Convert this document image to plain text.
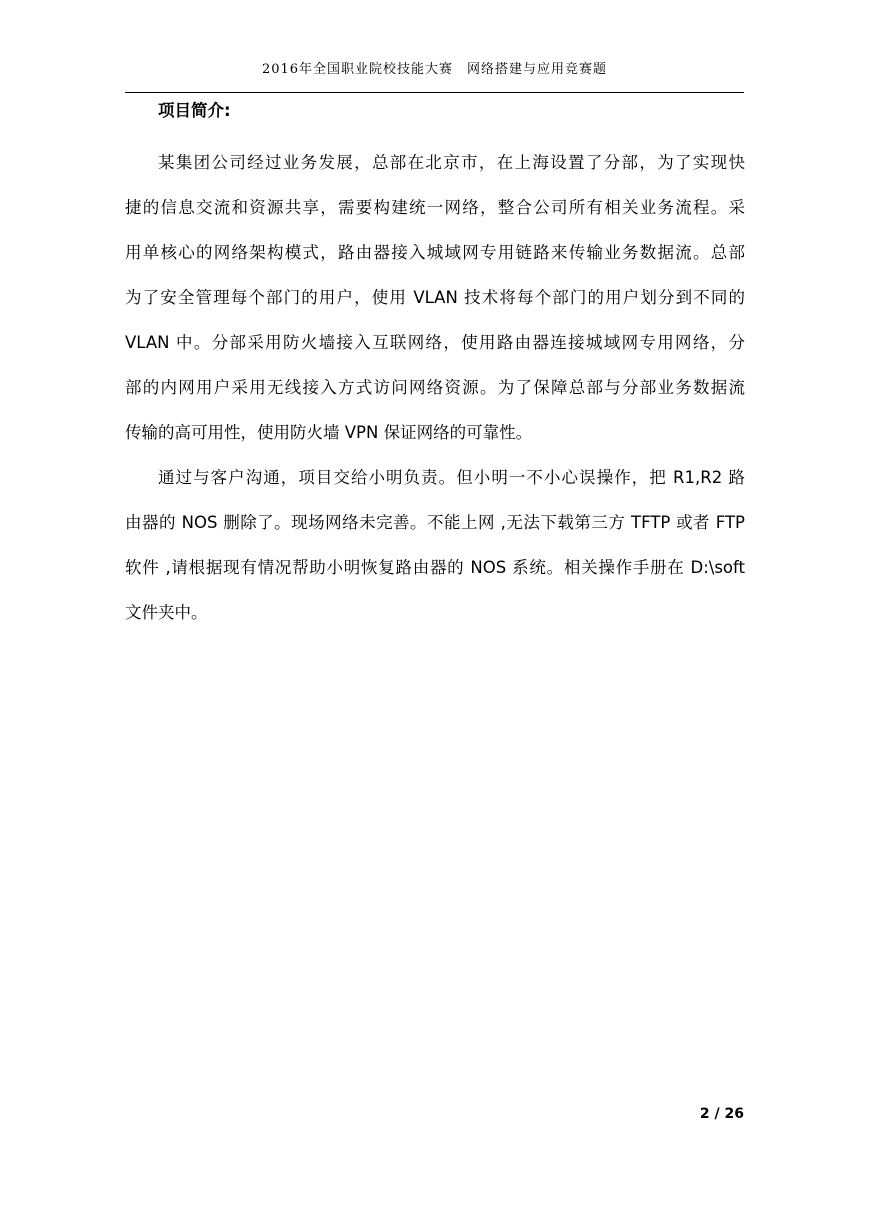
2016年全国职业院校技能大赛　网络搭建与应用竞赛题
项目简介:
某集团公司经过业务发展，总部在北京市，在上海设置了分部，为了实现快
捷的信息交流和资源共享，需要构建统一网络，整合公司所有相关业务流程。采
用单核心的网络架构模式，路由器接入城域网专用链路来传输业务数据流。总部
为了安全管理每个部门的用户，使用 VLAN 技术将每个部门的用户划分到不同的
VLAN 中。分部采用防火墙接入互联网络，使用路由器连接城域网专用网络，分
部的内网用户采用无线接入方式访问网络资源。为了保障总部与分部业务数据流
传输的高可用性，使用防火墙 VPN 保证网络的可靠性。
通过与客户沟通，项目交给小明负责。但小明一不小心误操作，把 R1,R2 路
由器的 NOS 删除了。现场网络未完善。不能上网 ,无法下载第三方 TFTP 或者 FTP
软件 ,请根据现有情况帮助小明恢复路由器的 NOS 系统。相关操作手册在 D:\soft
文件夹中。
2 / 26
